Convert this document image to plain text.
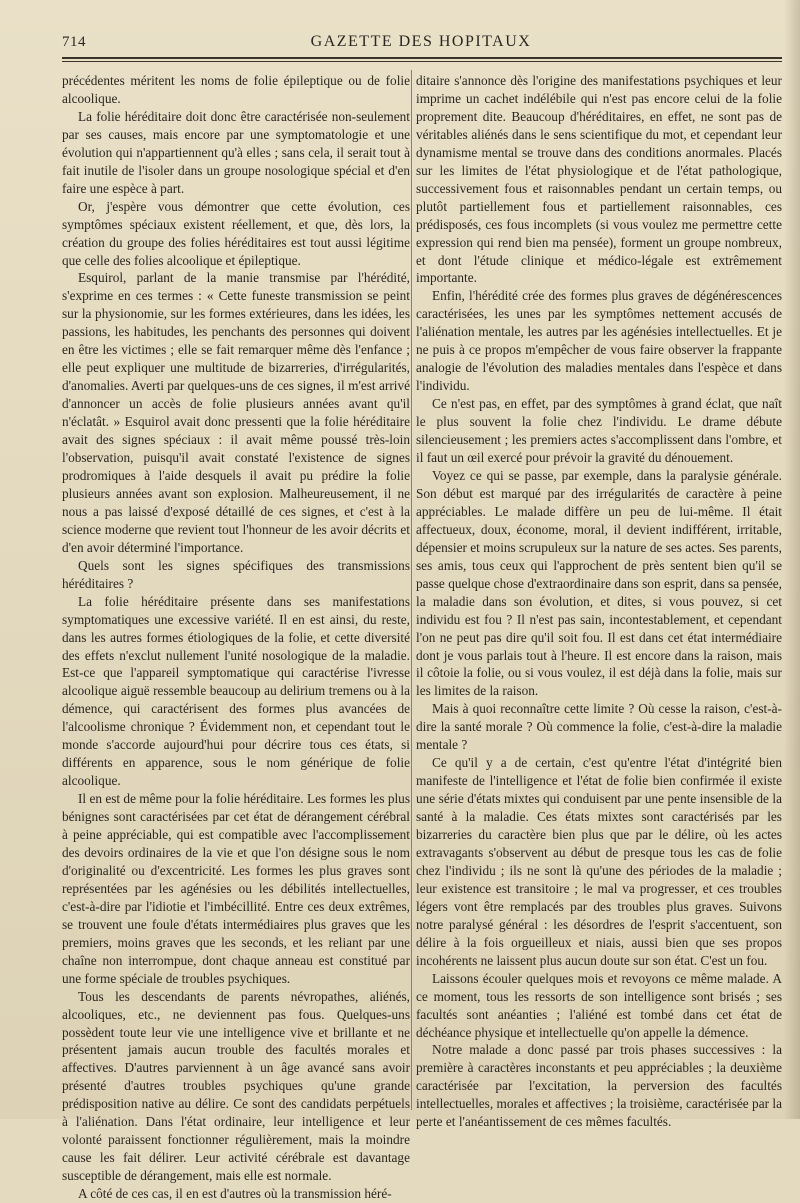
714	GAZETTE DES HOPITAUX

précédentes méritent les noms de folie épileptique ou de folie alcoolique.

La folie héréditaire doit donc être caractérisée non-seulement par ses causes, mais encore par une symptomatologie et une évolution qui n'appartiennent qu'à elles ; sans cela, il serait tout à fait inutile de l'isoler dans un groupe nosologique spécial et d'en faire une espèce à part.

Or, j'espère vous démontrer que cette évolution, ces symptômes spéciaux existent réellement, et que, dès lors, la création du groupe des folies héréditaires est tout aussi légitime que celle des folies alcoolique et épileptique.

Esquirol, parlant de la manie transmise par l'hérédité, s'exprime en ces termes : « Cette funeste transmission se peint sur la physionomie, sur les formes extérieures, dans les idées, les passions, les habitudes, les penchants des personnes qui doivent en être les victimes ; elle se fait remarquer même dès l'enfance ; elle peut expliquer une multitude de bizarreries, d'irrégularités, d'anomalies. Averti par quelques-uns de ces signes, il m'est arrivé d'annoncer un accès de folie plusieurs années avant qu'il n'éclatât. » Esquirol avait donc pressenti que la folie héréditaire avait des signes spéciaux : il avait même poussé très-loin l'observation, puisqu'il avait constaté l'existence de signes prodromiques à l'aide desquels il avait pu prédire la folie plusieurs années avant son explosion. Malheureusement, il ne nous a pas laissé d'exposé détaillé de ces signes, et c'est à la science moderne que revient tout l'honneur de les avoir décrits et d'en avoir déterminé l'importance.

Quels sont les signes spécifiques des transmissions héréditaires ?

La folie héréditaire présente dans ses manifestations symptomatiques une excessive variété. Il en est ainsi, du reste, dans les autres formes étiologiques de la folie, et cette diversité des effets n'exclut nullement l'unité nosologique de la maladie. Est-ce que l'appareil symptomatique qui caractérise l'ivresse alcoolique aiguë ressemble beaucoup au delirium tremens ou à la démence, qui caractérisent des formes plus avancées de l'alcoolisme chronique ? Évidemment non, et cependant tout le monde s'accorde aujourd'hui pour décrire tous ces états, si différents en apparence, sous le nom générique de folie alcoolique.

Il en est de même pour la folie héréditaire. Les formes les plus bénignes sont caractérisées par cet état de dérangement cérébral à peine appréciable, qui est compatible avec l'accomplissement des devoirs ordinaires de la vie et que l'on désigne sous le nom d'originalité ou d'excentricité. Les formes les plus graves sont représentées par les agénésies ou les débilités intellectuelles, c'est-à-dire par l'idiotie et l'imbécillité. Entre ces deux extrêmes, se trouvent une foule d'états intermédiaires plus graves que les premiers, moins graves que les seconds, et les reliant par une chaîne non interrompue, dont chaque anneau est constitué par une forme spéciale de troubles psychiques.

Tous les descendants de parents névropathes, aliénés, alcooliques, etc., ne deviennent pas fous. Quelques-uns possèdent toute leur vie une intelligence vive et brillante et ne présentent jamais aucun trouble des facultés morales et affectives. D'autres parviennent à un âge avancé sans avoir présenté d'autres troubles psychiques qu'une grande prédisposition native au délire. Ce sont des candidats perpétuels à l'aliénation. Dans l'état ordinaire, leur intelligence et leur volonté paraissent fonctionner régulièrement, mais la moindre cause les fait délirer. Leur activité cérébrale est davantage susceptible de dérangement, mais elle est normale.

A côté de ces cas, il en est d'autres où la transmission héré-

ditaire s'annonce dès l'origine des manifestations psychiques et leur imprime un cachet indélébile qui n'est pas encore celui de la folie proprement dite. Beaucoup d'héréditaires, en effet, ne sont pas de véritables aliénés dans le sens scientifique du mot, et cependant leur dynamisme mental se trouve dans des conditions anormales. Placés sur les limites de l'état physiologique et de l'état pathologique, successivement fous et raisonnables pendant un certain temps, ou plutôt partiellement fous et partiellement raisonnables, ces prédisposés, ces fous incomplets (si vous voulez me permettre cette expression qui rend bien ma pensée), forment un groupe nombreux, et dont l'étude clinique et médico-légale est extrêmement importante.

Enfin, l'hérédité crée des formes plus graves de dégénérescences caractérisées, les unes par les symptômes nettement accusés de l'aliénation mentale, les autres par les agénésies intellectuelles. Et je ne puis à ce propos m'empêcher de vous faire observer la frappante analogie de l'évolution des maladies mentales dans l'espèce et dans l'individu.

Ce n'est pas, en effet, par des symptômes à grand éclat, que naît le plus souvent la folie chez l'individu. Le drame débute silencieusement ; les premiers actes s'accomplissent dans l'ombre, et il faut un œil exercé pour prévoir la gravité du dénouement.

Voyez ce qui se passe, par exemple, dans la paralysie générale. Son début est marqué par des irrégularités de caractère à peine appréciables. Le malade diffère un peu de lui-même. Il était affectueux, doux, économe, moral, il devient indifférent, irritable, dépensier et moins scrupuleux sur la nature de ses actes. Ses parents, ses amis, tous ceux qui l'approchent de près sentent bien qu'il se passe quelque chose d'extraordinaire dans son esprit, dans sa pensée, la maladie dans son évolution, et dites, si vous pouvez, si cet individu est fou ? Il n'est pas sain, incontestablement, et cependant l'on ne peut pas dire qu'il soit fou. Il est dans cet état intermédiaire dont je vous parlais tout à l'heure. Il est encore dans la raison, mais il côtoie la folie, ou si vous voulez, il est déjà dans la folie, mais sur les limites de la raison.

Mais à quoi reconnaître cette limite ? Où cesse la raison, c'est-à-dire la santé morale ? Où commence la folie, c'est-à-dire la maladie mentale ?

Ce qu'il y a de certain, c'est qu'entre l'état d'intégrité bien manifeste de l'intelligence et l'état de folie bien confirmée il existe une série d'états mixtes qui conduisent par une pente insensible de la santé à la maladie. Ces états mixtes sont caractérisés par les bizarreries du caractère bien plus que par le délire, où les actes extravagants s'observent au début de presque tous les cas de folie chez l'individu ; ils ne sont là qu'une des périodes de la maladie ; leur existence est transitoire ; le mal va progresser, et ces troubles légers vont être remplacés par des troubles plus graves. Suivons notre paralysé général : les désordres de l'esprit s'accentuent, son délire à la fois orgueilleux et niais, aussi bien que ses propos incohérents ne laissent plus aucun doute sur son état. C'est un fou.

Laissons écouler quelques mois et revoyons ce même malade. A ce moment, tous les ressorts de son intelligence sont brisés ; ses facultés sont anéanties ; l'aliéné est tombé dans cet état de déchéance physique et intellectuelle qu'on appelle la démence.

Notre malade a donc passé par trois phases successives : la première à caractères inconstants et peu appréciables ; la deuxième caractérisée par l'excitation, la perversion des facultés intellectuelles, morales et affectives ; la troisième, caractérisée par la perte et l'anéantissement de ces mêmes facultés.
